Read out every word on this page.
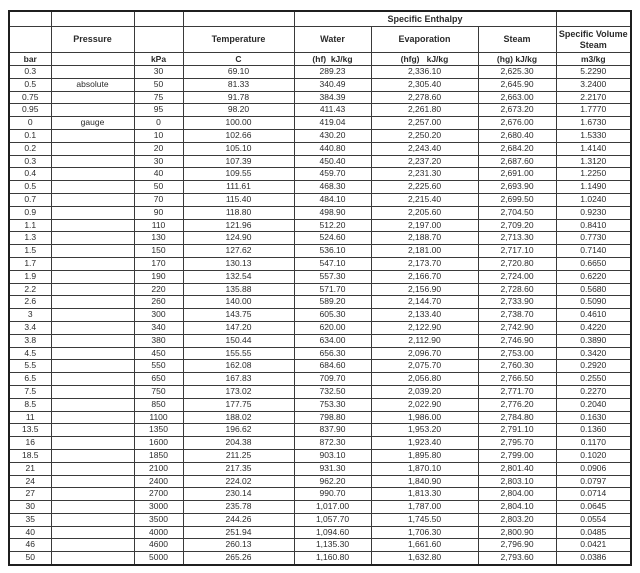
				Specific Enthalpy			
	Pressure		Temperature	Water	Evaporation	Steam	Specific Volume Steam
bar		kPa	C	(hf)  kJ/kg	(hfg)   kJ/kg	(hg) kJ/kg	m3/kg
0.3		30	69.10	289.23	2,336.10	2,625.30	5.2290
0.5	absolute	50	81.33	340.49	2,305.40	2,645.90	3.2400
0.75		75	91.78	384.39	2,278.60	2,663.00	2.2170
0.95		95	98.20	411.43	2,261.80	2,673.20	1.7770
0	gauge	0	100.00	419.04	2,257.00	2,676.00	1.6730
0.1		10	102.66	430.20	2,250.20	2,680.40	1.5330
0.2		20	105.10	440.80	2,243.40	2,684.20	1.4140
0.3		30	107.39	450.40	2,237.20	2,687.60	1.3120
0.4		40	109.55	459.70	2,231.30	2,691.00	1.2250
0.5		50	111.61	468.30	2,225.60	2,693.90	1.1490
0.7		70	115.40	484.10	2,215.40	2,699.50	1.0240
0.9		90	118.80	498.90	2,205.60	2,704.50	0.9230
1.1		110	121.96	512.20	2,197.00	2,709.20	0.8410
1.3		130	124.90	524.60	2,188.70	2,713.30	0.7730
1.5		150	127.62	536.10	2,181.00	2,717.10	0.7140
1.7		170	130.13	547.10	2,173.70	2,720.80	0.6650
1.9		190	132.54	557.30	2,166.70	2,724.00	0.6220
2.2		220	135.88	571.70	2,156.90	2,728.60	0.5680
2.6		260	140.00	589.20	2,144.70	2,733.90	0.5090
3		300	143.75	605.30	2,133.40	2,738.70	0.4610
3.4		340	147.20	620.00	2,122.90	2,742.90	0.4220
3.8		380	150.44	634.00	2,112.90	2,746.90	0.3890
4.5		450	155.55	656.30	2,096.70	2,753.00	0.3420
5.5		550	162.08	684.60	2,075.70	2,760.30	0.2920
6.5		650	167.83	709.70	2,056.80	2,766.50	0.2550
7.5		750	173.02	732.50	2,039.20	2,771.70	0.2270
8.5		850	177.75	753.30	2,022.90	2,776.20	0.2040
11		1100	188.02	798.80	1,986.00	2,784.80	0.1630
13.5		1350	196.62	837.90	1,953.20	2,791.10	0.1360
16		1600	204.38	872.30	1,923.40	2,795.70	0.1170
18.5		1850	211.25	903.10	1,895.80	2,799.00	0.1020
21		2100	217.35	931.30	1,870.10	2,801.40	0.0906
24		2400	224.02	962.20	1,840.90	2,803.10	0.0797
27		2700	230.14	990.70	1,813.30	2,804.00	0.0714
30		3000	235.78	1,017.00	1,787.00	2,804.10	0.0645
35		3500	244.26	1,057.70	1,745.50	2,803.20	0.0554
40		4000	251.94	1,094.60	1,706.30	2,800.90	0.0485
46		4600	260.13	1,135.30	1,661.60	2,796.90	0.0421
50		5000	265.26	1,160.80	1,632.80	2,793.60	0.0386
